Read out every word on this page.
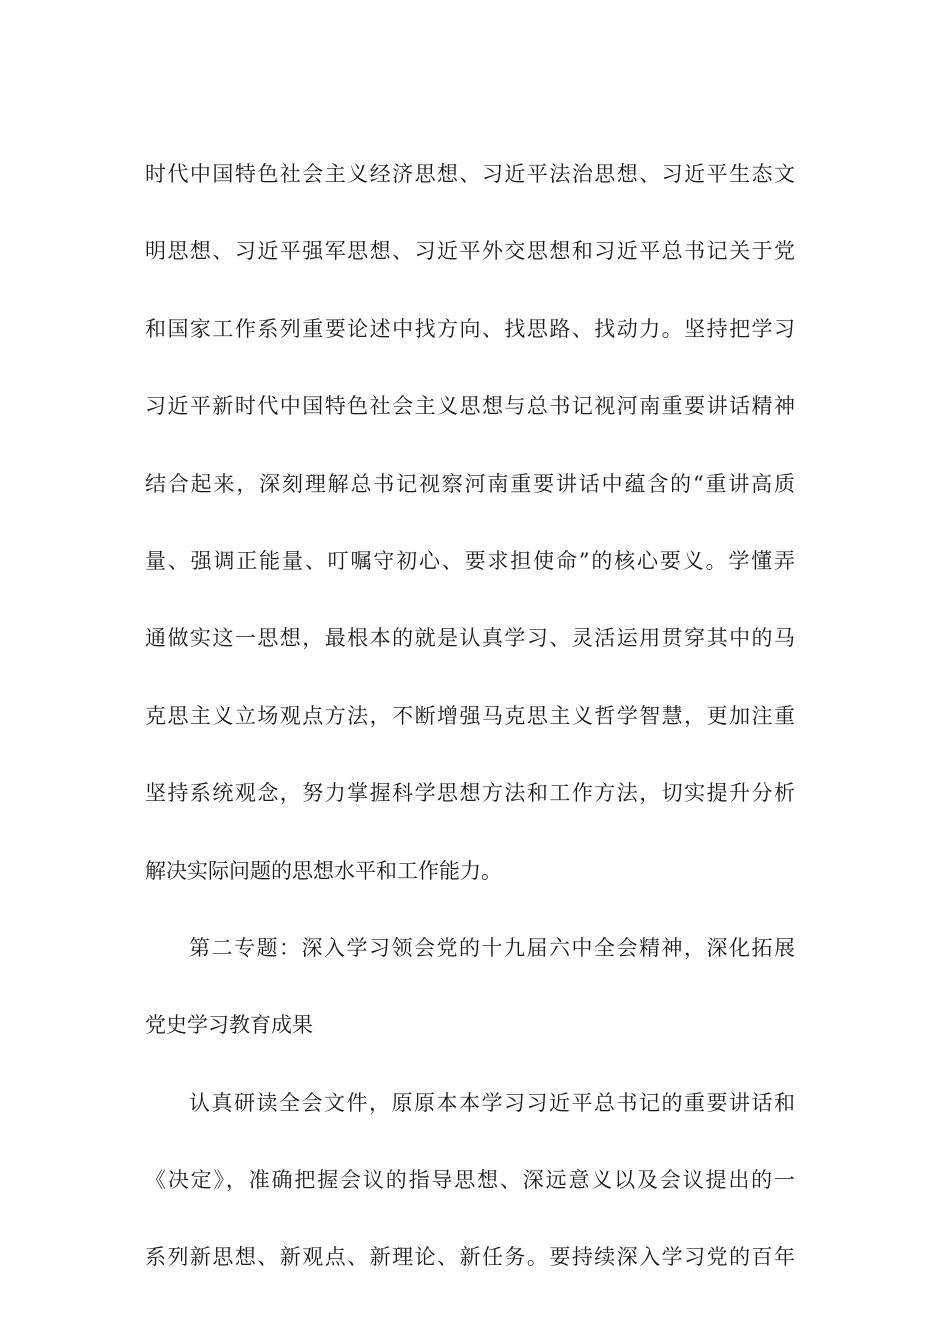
时代中国特色社会主义经济思想、习近平法治思想、习近平生态文
明思想、习近平强军思想、习近平外交思想和习近平总书记关于党
和国家工作系列重要论述中找方向、找思路、找动力。坚持把学习
习近平新时代中国特色社会主义思想与总书记视河南重要讲话精神
结合起来，深刻理解总书记视察河南重要讲话中蕴含的“重讲高质
量、强调正能量、叮嘱守初心、要求担使命”的核心要义。学懂弄
通做实这一思想，最根本的就是认真学习、灵活运用贯穿其中的马
克思主义立场观点方法，不断增强马克思主义哲学智慧，更加注重
坚持系统观念，努力掌握科学思想方法和工作方法，切实提升分析
解决实际问题的思想水平和工作能力。
第二专题：深入学习领会党的十九届六中全会精神，深化拓展
党史学习教育成果
认真研读全会文件，原原本本学习习近平总书记的重要讲话和
《决定》，准确把握会议的指导思想、深远意义以及会议提出的一
系列新思想、新观点、新理论、新任务。要持续深入学习党的百年
